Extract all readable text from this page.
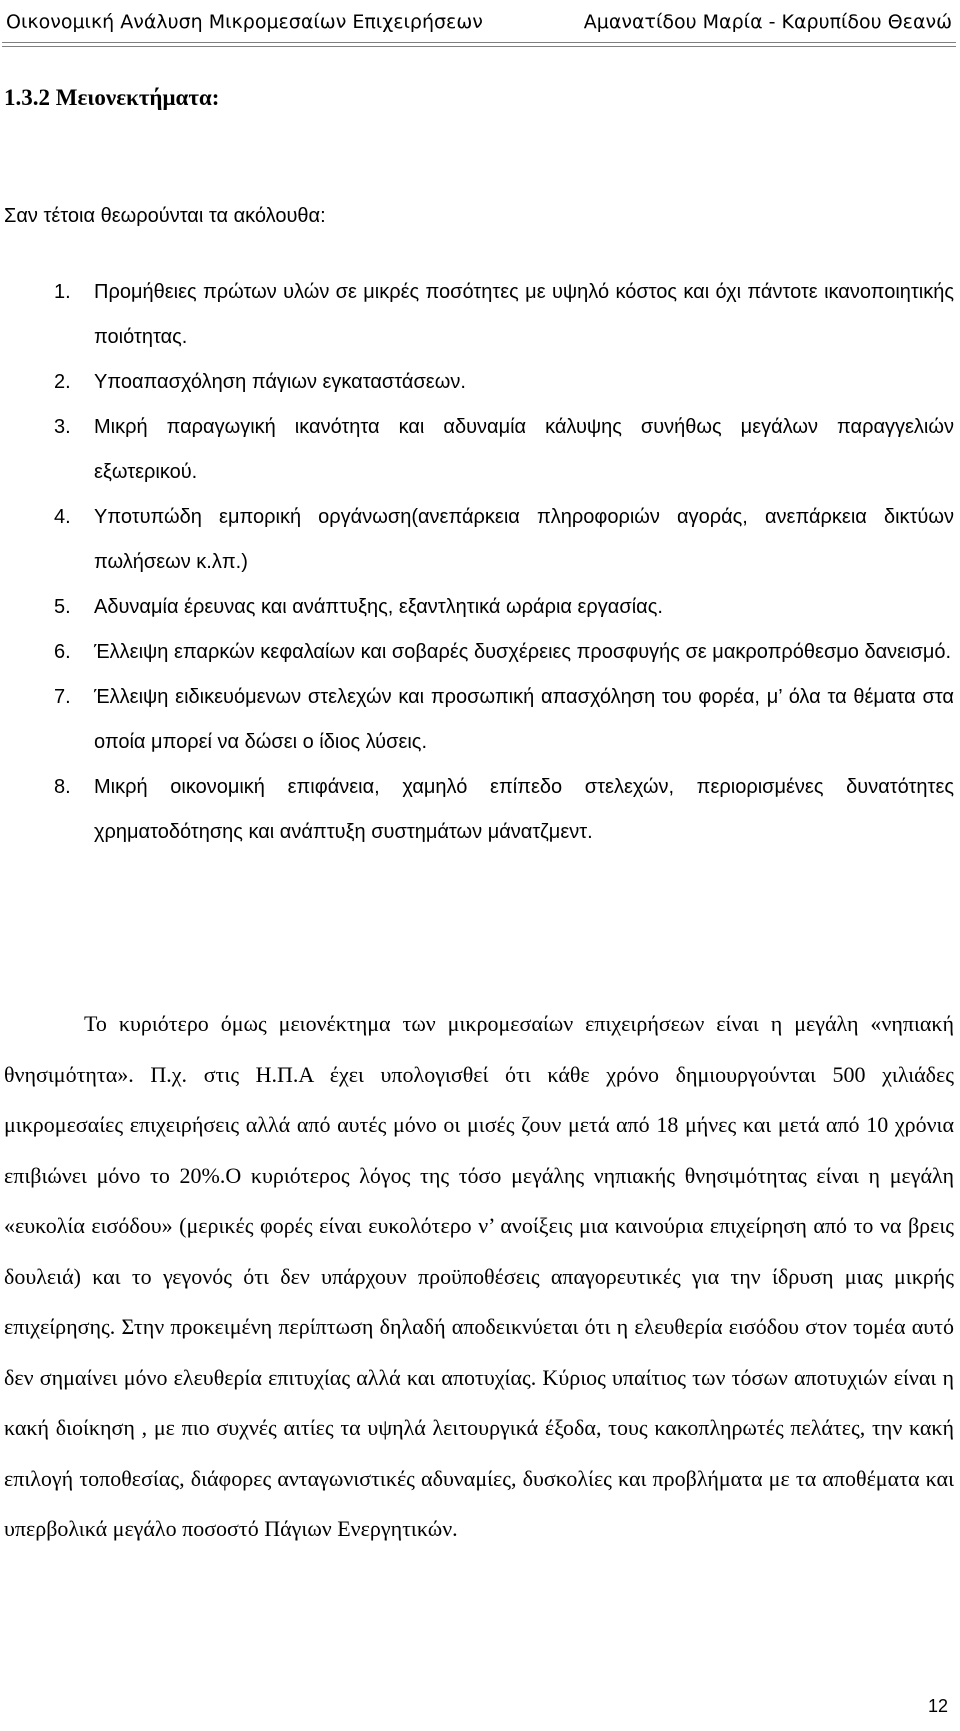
Οικονομική Ανάλυση Μικρομεσαίων Επιχειρήσεων	Αμανατίδου Μαρία - Καρυπίδου Θεανώ
1.3.2 Μειονεκτήματα:
Σαν τέτοια θεωρούνται τα ακόλουθα:
1. Προμήθειες πρώτων υλών σε μικρές ποσότητες με υψηλό κόστος και όχι πάντοτε ικανοποιητικής ποιότητας.
2. Υποαπασχόληση πάγιων εγκαταστάσεων.
3. Μικρή παραγωγική ικανότητα και αδυναμία κάλυψης συνήθως μεγάλων παραγγελιών εξωτερικού.
4. Υποτυπώδη εμπορική οργάνωση(ανεπάρκεια πληροφοριών αγοράς, ανεπάρκεια δικτύων πωλήσεων κ.λπ.)
5. Αδυναμία έρευνας και ανάπτυξης, εξαντλητικά ωράρια εργασίας.
6. Έλλειψη επαρκών κεφαλαίων και σοβαρές δυσχέρειες προσφυγής σε μακροπρόθεσμο δανεισμό.
7. Έλλειψη ειδικευόμενων στελεχών και προσωπική απασχόληση του φορέα, μ’ όλα τα θέματα στα οποία μπορεί να δώσει ο ίδιος λύσεις.
8. Μικρή οικονομική επιφάνεια, χαμηλό επίπεδο στελεχών, περιορισμένες δυνατότητες χρηματοδότησης και ανάπτυξη συστημάτων μάνατζμεντ.

Το κυριότερο όμως μειονέκτημα των μικρομεσαίων επιχειρήσεων είναι η μεγάλη «νηπιακή θνησιμότητα». Π.χ. στις Η.Π.Α έχει υπολογισθεί ότι κάθε χρόνο δημιουργούνται 500 χιλιάδες μικρομεσαίες επιχειρήσεις αλλά από αυτές μόνο οι μισές ζουν μετά από 18 μήνες και μετά από 10 χρόνια επιβιώνει μόνο το 20%.Ο κυριότερος λόγος της τόσο μεγάλης νηπιακής θνησιμότητας είναι η μεγάλη «ευκολία εισόδου» (μερικές φορές είναι ευκολότερο ν’ ανοίξεις μια καινούρια επιχείρηση από το να βρεις δουλειά) και το γεγονός ότι δεν υπάρχουν προϋποθέσεις απαγορευτικές για την ίδρυση μιας μικρής επιχείρησης. Στην προκειμένη περίπτωση δηλαδή αποδεικνύεται ότι η ελευθερία εισόδου στον τομέα αυτό δεν σημαίνει μόνο ελευθερία επιτυχίας αλλά και αποτυχίας. Κύριος υπαίτιος των τόσων αποτυχιών είναι η κακή διοίκηση , με πιο συχνές αιτίες τα υψηλά λειτουργικά έξοδα, τους κακοπληρωτές πελάτες, την κακή επιλογή τοποθεσίας, διάφορες ανταγωνιστικές αδυναμίες, δυσκολίες και προβλήματα με τα αποθέματα και υπερβολικά μεγάλο ποσοστό Πάγιων Ενεργητικών.

12
